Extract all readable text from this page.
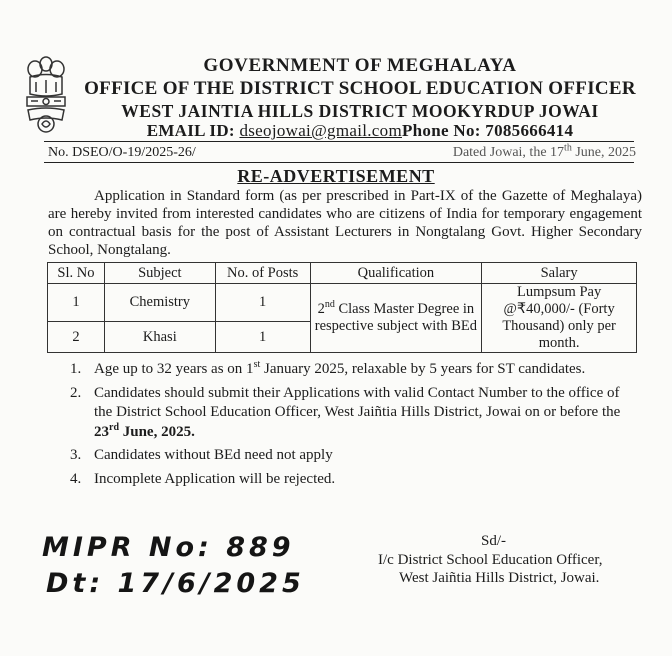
GOVERNMENT OF MEGHALAYA
OFFICE OF THE DISTRICT SCHOOL EDUCATION OFFICER
WEST JAINTIA HILLS DISTRICT MOOKYRDUP JOWAI
EMAIL ID: dseojowai@gmail.comPhone No: 7085666414
No. DSEO/O-19/2025-26/	Dated Jowai, the 17th June, 2025
RE-ADVERTISEMENT
Application in Standard form (as per prescribed in Part-IX of the Gazette of Meghalaya) are hereby invited from interested candidates who are citizens of India for temporary engagement on contractual basis for the post of Assistant Lecturers in Nongtalang Govt. Higher Secondary School, Nongtalang.
Sl. No	Subject	No. of Posts	Qualification	Salary
1	Chemistry	1	2nd Class Master Degree in respective subject with BEd	Lumpsum Pay @₹40,000/- (Forty Thousand) only per month.
2	Khasi	1		
1. Age up to 32 years as on 1st January 2025, relaxable by 5 years for ST candidates.
2. Candidates should submit their Applications with valid Contact Number to the office of the District School Education Officer, West Jaiñtia Hills District, Jowai on or before the 23rd June, 2025.
3. Candidates without BEd need not apply
4. Incomplete Application will be rejected.
MIPR No: 889
Dt: 17/6/2025
Sd/-
I/c District School Education Officer,
West Jaiñtia Hills District, Jowai.
